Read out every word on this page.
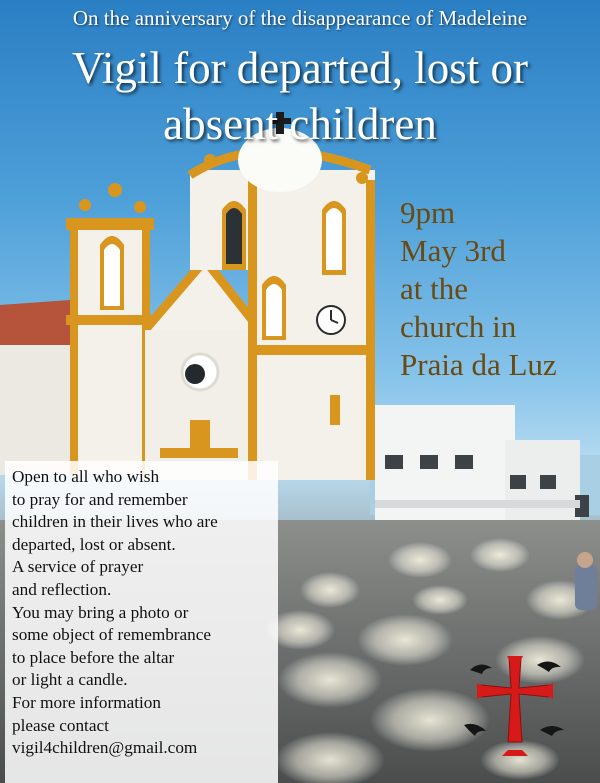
On the anniversary of the disappearance of Madeleine
Vigil for departed, lost or
absent children
9pm
May 3rd
at the
church in
Praia da Luz
Open to all who wish
to pray for and remember
children in their lives who are
departed, lost or absent.
A service of prayer
and reflection.
You may bring a photo or
some object of remembrance
to place before the altar
or light a candle.
For more information
please contact
vigil4children@gmail.com
